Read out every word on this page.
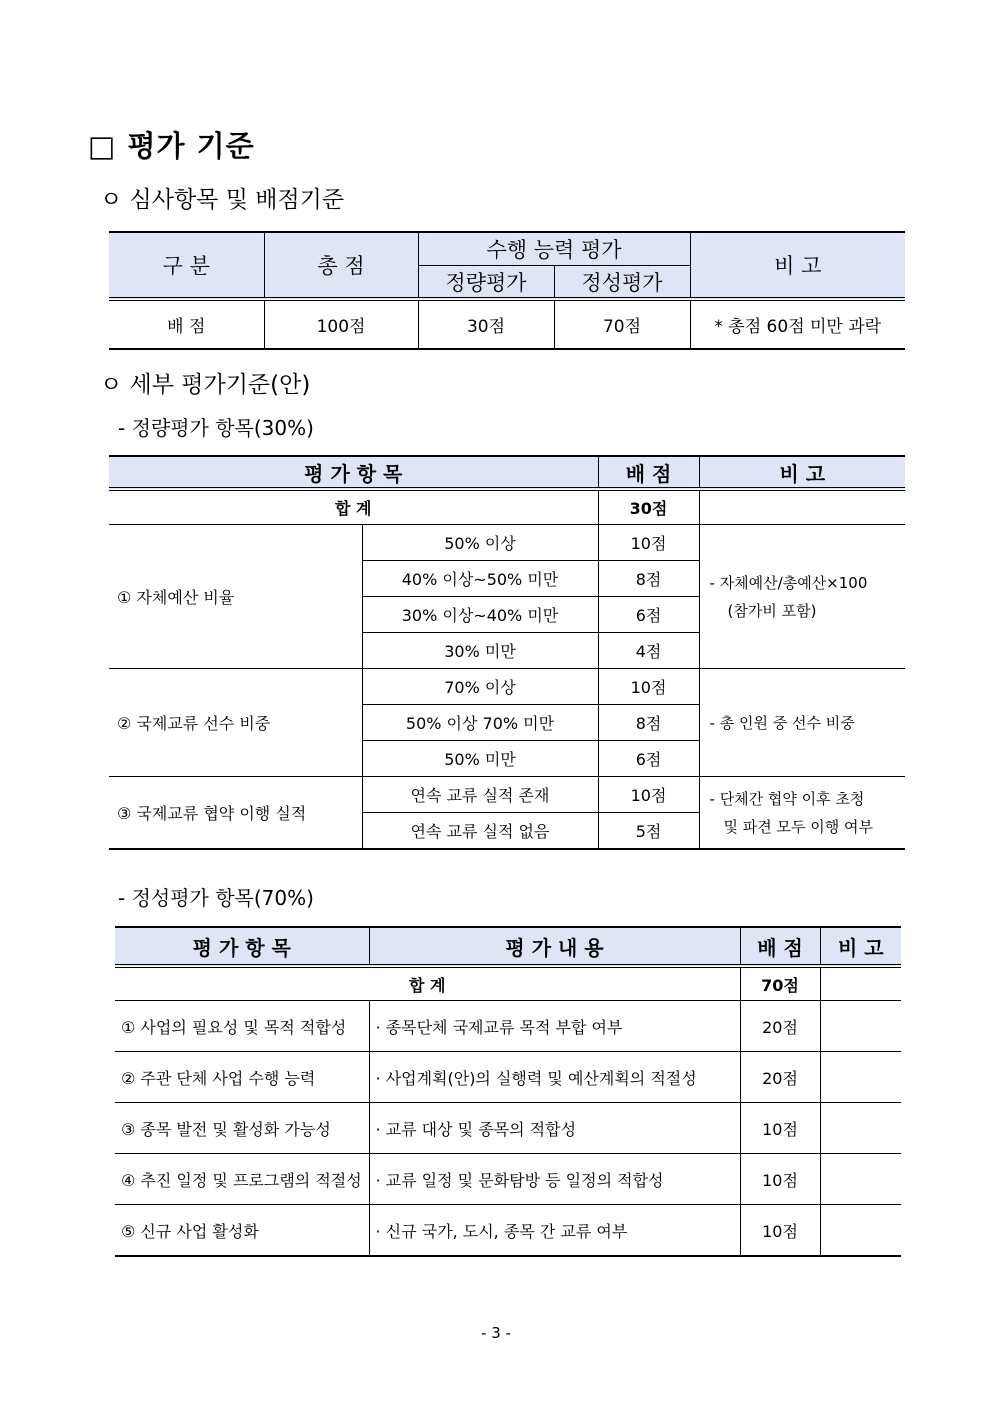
□ 평가 기준
ㅇ 심사항목 및 배점기준
구 분	총 점	수행 능력 평가		비 고
		정량평가	정성평가	
배 점	100점	30점	70점	* 총점 60점 미만 과락
ㅇ 세부 평가기준(안)
- 정량평가 항목(30%)
평 가 항 목		배 점	비 고
합 계		30점	
① 자체예산 비율	50% 이상	10점	- 자체예산/총예산×100
(참가비 포함)

	40% 이상~50% 미만	8점	
	30% 이상~40% 미만	6점	
	30% 미만	4점	
② 국제교류 선수 비중	70% 이상	10점	- 총 인원 중 선수 비중

	50% 이상 70% 미만	8점	
	50% 미만	6점	
③ 국제교류 협약 이행 실적	연속 교류 실적 존재	10점	- 단체간 협약 이후 초청
및 파견 모두 이행 여부

	연속 교류 실적 없음	5점	
- 정성평가 항목(70%)
평 가 항 목	평 가 내 용	배 점	비 고
합 계		70점	
① 사업의 필요성 및 목적 적합성	· 종목단체 국제교류 목적 부합 여부	20점	
② 주관 단체 사업 수행 능력	· 사업계획(안)의 실행력 및 예산계획의 적절성	20점	
③ 종목 발전 및 활성화 가능성	· 교류 대상 및 종목의 적합성	10점	
④ 추진 일정 및 프로그램의 적절성	· 교류 일정 및 문화탐방 등 일정의 적합성	10점	
⑤ 신규 사업 활성화	· 신규 국가, 도시, 종목 간 교류 여부	10점	
- 3 -
